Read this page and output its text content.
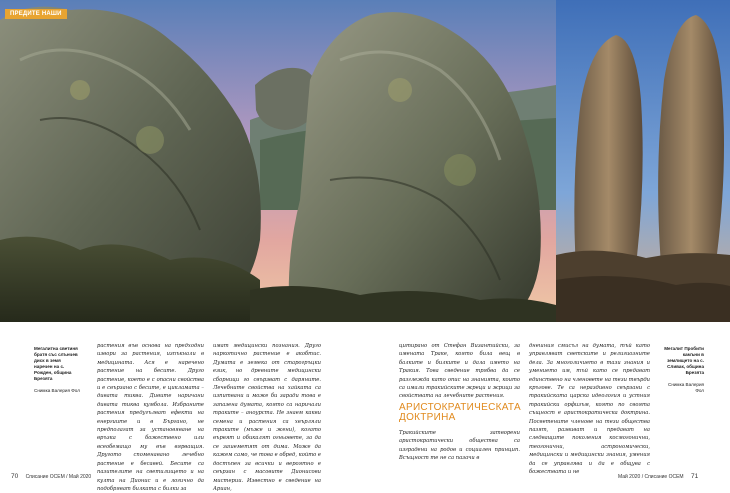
ПРЕДИТЕ НАШИ
Мегалитна светиня братя със слънчев диск в земя наречен на с. Рожден, община Брезята
Снимка Валерия Фол
Мегалит Пробити камъни в землището на с. Сливак, община Брезята
Снимка Валерия Фол
растения във основа на предходни извори за растения, изпъкнали в медицината. Ася е наречено растение на бесите. Друго растение, което е с опасни свойства и е свързано с бесите, е цикламата – дивата тиква. Дивите наричани дивата тиква кумбола. Избраните растения предугълват ефекти на енергиите и в Бъргано, не предполагат за установяване на връзка с божествено или всеобемащо му във вярващия. Другото споменавано лечебно растение е бесавей. Бесите са пазителите на светилището и на култа на Дионис и е логично да подобряват билката с билки за
имат медицински познания. Друго наркотично растение е акобтис. Думата е земека от старогръцки език, но древните медицински сборници го свързват с даряните. Лечебните свойства на хайката са изпитвани и може би заради това е запазена думата, която са наричали траките – аноурста. Не знаем какви семена и растения са хвърляли траките (мъже и жени), когато вървят и обикалят огньовете, за да се зашеметят от дима. Може да кажем само, че това е обред, който е достъпен за всички и вероятно е свързан с масовите Дионисови мистерии. Известно е сведение на Ариан,
цитирано от Стефан Византийски, за имената Траке, която била вещ в балките и билките и дала името на Тракия. Това сведение трябва да се разглежда като опис на знанията, които са имали тракийските жреци и жрици за свойствата на лечебните растения.
АРИСТОКРАТИЧЕСКАТА ДОКТРИНА
Тракийските затворени аристократически общества са изградени на родов и социален принцип. Всъщност те не са пазачи в
днешния смисъл на думата, тъй като управляват светските и религиозните дела. За многоличието в тази знания и умението им, тъй като се предават единствено на членовете на тези твърди кръгове. Те са нераздивно свързани с тракийската царска идеология и устния тракийски орфизъм, която по своята същност е аристократическа доктрина. Посветените членове на тези общества пазят, развиват и предават на следващите поколения космогонични, теогонични, астрономически, медицински и медицински знания, умения да се управлява и да е общува с божествата и не
70 Списание ОСЕМ / Май 2020	Май 2020 / Списание ОСЕМ 71
